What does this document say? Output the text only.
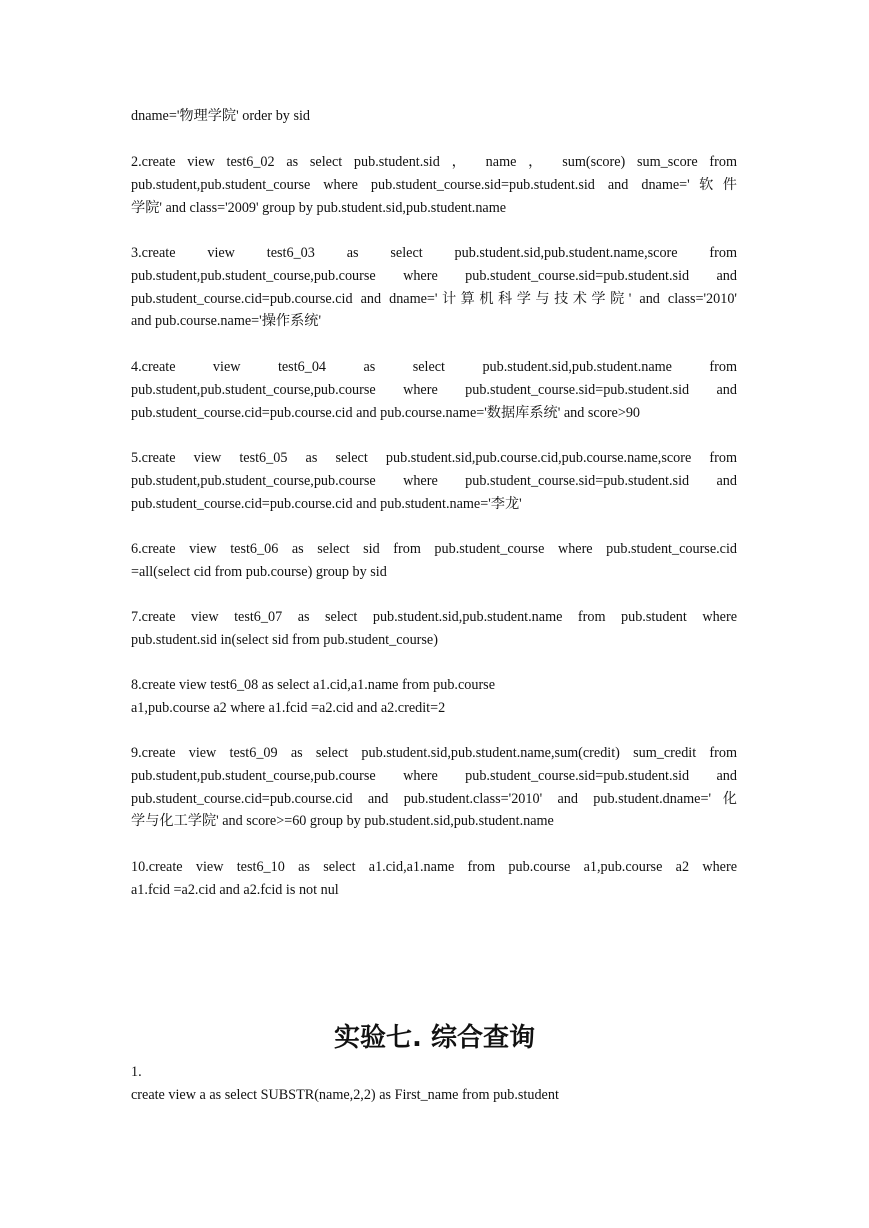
dname='物理学院' order by sid
2.create view test6_02 as select pub.student.sid ， name ， sum(score) sum_score from
pub.student,pub.student_course where pub.student_course.sid=pub.student.sid and dname='软件
学院' and class='2009' group by pub.student.sid,pub.student.name
3.create view test6_03 as select pub.student.sid,pub.student.name,score from
pub.student,pub.student_course,pub.course where pub.student_course.sid=pub.student.sid and
pub.student_course.cid=pub.course.cid and dname='计算机科学与技术学院' and class='2010'
and pub.course.name='操作系统'
4.create view test6_04 as select pub.student.sid,pub.student.name from
pub.student,pub.student_course,pub.course where pub.student_course.sid=pub.student.sid and
pub.student_course.cid=pub.course.cid and pub.course.name='数据库系统' and score>90
5.create view test6_05 as select pub.student.sid,pub.course.cid,pub.course.name,score from
pub.student,pub.student_course,pub.course where pub.student_course.sid=pub.student.sid and
pub.student_course.cid=pub.course.cid and pub.student.name='李龙'
6.create view test6_06 as select sid from pub.student_course where pub.student_course.cid
=all(select cid from pub.course) group by sid
7.create view test6_07 as select pub.student.sid,pub.student.name from pub.student where
pub.student.sid in(select sid from pub.student_course)
8.create view test6_08 as select a1.cid,a1.name from pub.course
a1,pub.course a2 where a1.fcid =a2.cid and a2.credit=2
9.create view test6_09 as select pub.student.sid,pub.student.name,sum(credit) sum_credit from
pub.student,pub.student_course,pub.course where pub.student_course.sid=pub.student.sid and
pub.student_course.cid=pub.course.cid and pub.student.class='2010' and pub.student.dname='化
学与化工学院' and score>=60 group by pub.student.sid,pub.student.name
10.create view test6_10 as select a1.cid,a1.name from pub.course a1,pub.course a2 where
a1.fcid =a2.cid and a2.fcid is not nul
实验七. 综合查询
1.
create view a as select SUBSTR(name,2,2) as First_name from pub.student
